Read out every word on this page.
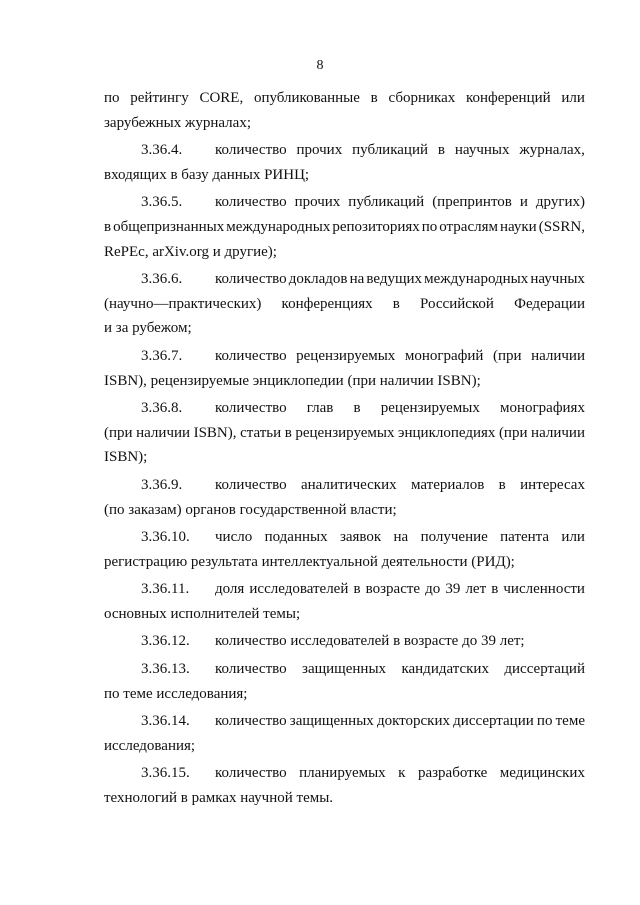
8
по рейтингу CORE, опубликованные в сборниках конференций или
зарубежных журналах;
3.36.4.	количество прочих публикаций в научных журналах,
входящих в базу данных РИНЦ;
3.36.5.	количество прочих публикаций (препринтов и других)
в общепризнанных международных репозиториях по отраслям науки (SSRN,
RePEc, arXiv.org и другие);
3.36.6.	количество докладов на ведущих международных научных
(научно—практических) конференциях в Российской Федерации
и за рубежом;
3.36.7.	количество рецензируемых монографий (при наличии
ISBN), рецензируемые энциклопедии (при наличии ISBN);
3.36.8.	количество глав в рецензируемых монографиях
(при наличии ISBN), статьи в рецензируемых энциклопедиях (при наличии
ISBN);
3.36.9.	количество аналитических материалов в интересах
(по заказам) органов государственной власти;
3.36.10.	число поданных заявок на получение патента или
регистрацию результата интеллектуальной деятельности (РИД);
3.36.11.	доля исследователей в возрасте до 39 лет в численности
основных исполнителей темы;
3.36.12.	количество исследователей в возрасте до 39 лет;
3.36.13.	количество защищенных кандидатских диссертаций
по теме исследования;
3.36.14.	количество защищенных докторских диссертации по теме
исследования;
3.36.15.	количество планируемых к разработке медицинских
технологий в рамках научной темы.
